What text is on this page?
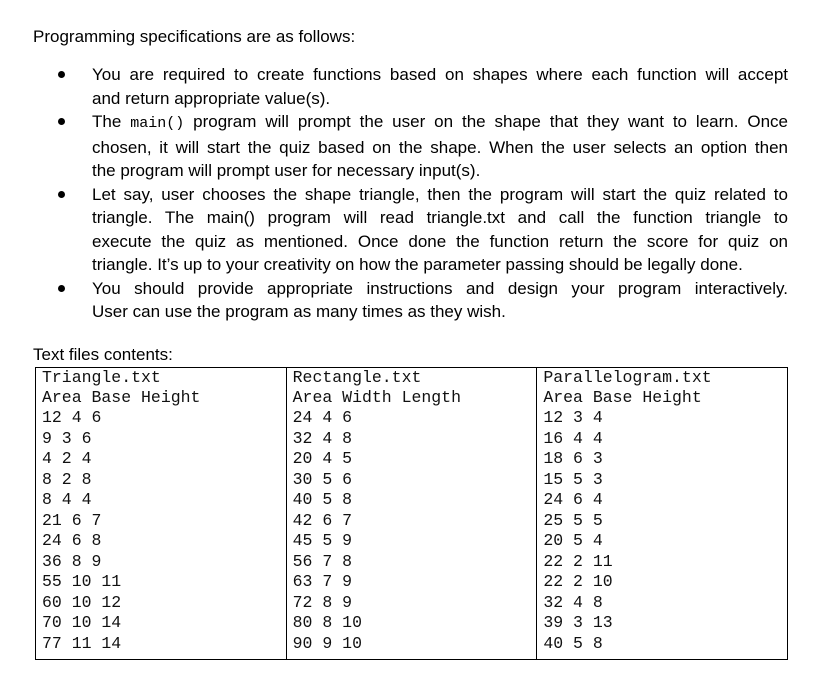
Programming specifications are as follows:
You are required to create functions based on shapes where each function will accept
and return appropriate value(s).
The main() program will prompt the user on the shape that they want to learn. Once
chosen, it will start the quiz based on the shape. When the user selects an option then
the program will prompt user for necessary input(s).
Let say, user chooses the shape triangle, then the program will start the quiz related to
triangle. The main() program will read triangle.txt and call the function triangle to
execute the quiz as mentioned. Once done the function return the score for quiz on
triangle. It’s up to your creativity on how the parameter passing should be legally done.
You should provide appropriate instructions and design your program interactively.
User can use the program as many times as they wish.
Text files contents:
Triangle.txt
Area Base Height
12 4 6
9 3 6
4 2 4
8 2 8
8 4 4
21 6 7
24 6 8
36 8 9
55 10 11
60 10 12
70 10 14
77 11 14

Rectangle.txt
Area Width Length
24 4 6
32 4 8
20 4 5
30 5 6
40 5 8
42 6 7
45 5 9
56 7 8
63 7 9
72 8 9
80 8 10
90 9 10

Parallelogram.txt
Area Base Height
12 3 4
16 4 4
18 6 3
15 5 3
24 6 4
25 5 5
20 5 4
22 2 11
22 2 10
32 4 8
39 3 13
40 5 8
